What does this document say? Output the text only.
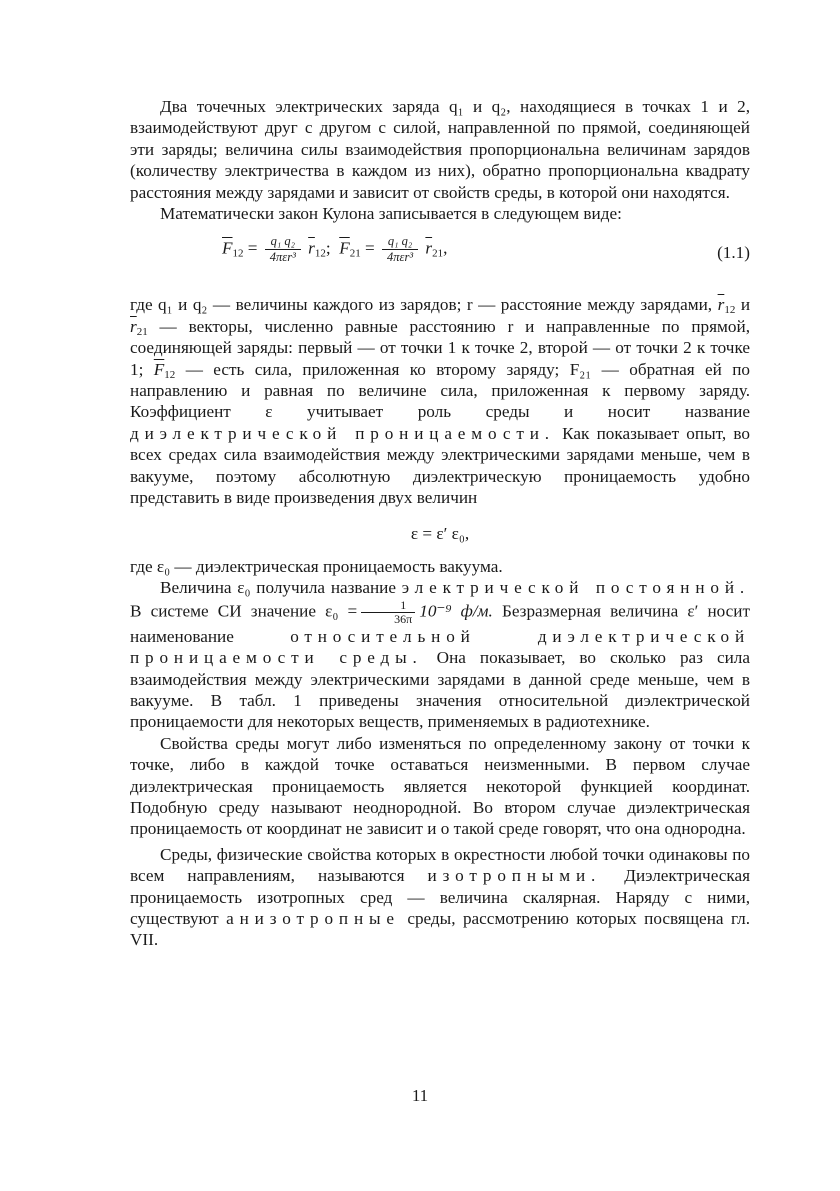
Два точечных электрических заряда q₁ и q₂, находящиеся в точках 1 и 2, взаимодействуют друг с другом с силой, направленной по прямой, соединяющей эти заряды; величина силы взаимодействия пропорциональна величинам зарядов (количеству электричества в каждом из них), обратно пропорциональна квадрату расстояния между зарядами и зависит от свойств среды, в которой они находятся.

Математически закон Кулона записывается в следующем виде:

$\overline{F}_{12} = \frac{\text{q₁ q₂}}{\text{4πεr³}} \overline{r}_{12}$;  $\overline{F}_{21} = \frac{\text{q₁ q₂}}{\text{4πεr³}} \overline{r}_{21}$,	(1.1)

где q₁ и q₂ — величины каждого из зарядов; r — расстояние между зарядами, $\overline{r}_{12}$ и $\overline{r}_{21}$ — векторы, численно равные расстоянию r и направленные по прямой, соединяющей заряды: первый — от точки 1 к точке 2, второй — от точки 2 к точке 1; $\overline{F}_{12}$ — есть сила, приложенная ко второму заряду; F₂₁ — обратная ей по направлению и равная по величине сила, приложенная к первому заряду. Коэффициент ε учитывает роль среды и носит название диэлектрической проницаемости. Как показывает опыт, во всех средах сила взаимодействия между электрическими зарядами меньше, чем в вакууме, поэтому абсолютную диэлектрическую проницаемость удобно представить в виде произведения двух величин

ε = ε′ ε₀,

где ε₀ — диэлектрическая проницаемость вакуума.

Величина ε₀ получила название электрической постоянной. В системе СИ значение $\varepsilon_0 = \frac{1}{36\pi} 10^{-9}$ ф/м. Безразмерная величина ε′ носит наименование	относительной диэлектрической проницаемости среды. Она показывает, во сколько раз сила взаимодействия между электрическими зарядами в данной среде меньше, чем в вакууме. В табл. 1 приведены значения относительной диэлектрической проницаемости для некоторых веществ, применяемых в радиотехнике.

Свойства среды могут либо изменяться по определенному закону от точки к точке, либо в каждой точке оставаться неизменными. В первом случае диэлектрическая проницаемость является некоторой функцией координат. Подобную среду называют неоднородной. Во втором случае диэлектрическая проницаемость от координат не зависит и о такой среде говорят, что она однородна.

Среды, физические свойства которых в окрестности любой точки одинаковы по всем направлениям, называются изотропными. Диэлектрическая проницаемость изотропных сред — величина скалярная. Наряду с ними, существуют анизотропные среды, рассмотрению которых посвящена гл. VII.

11
